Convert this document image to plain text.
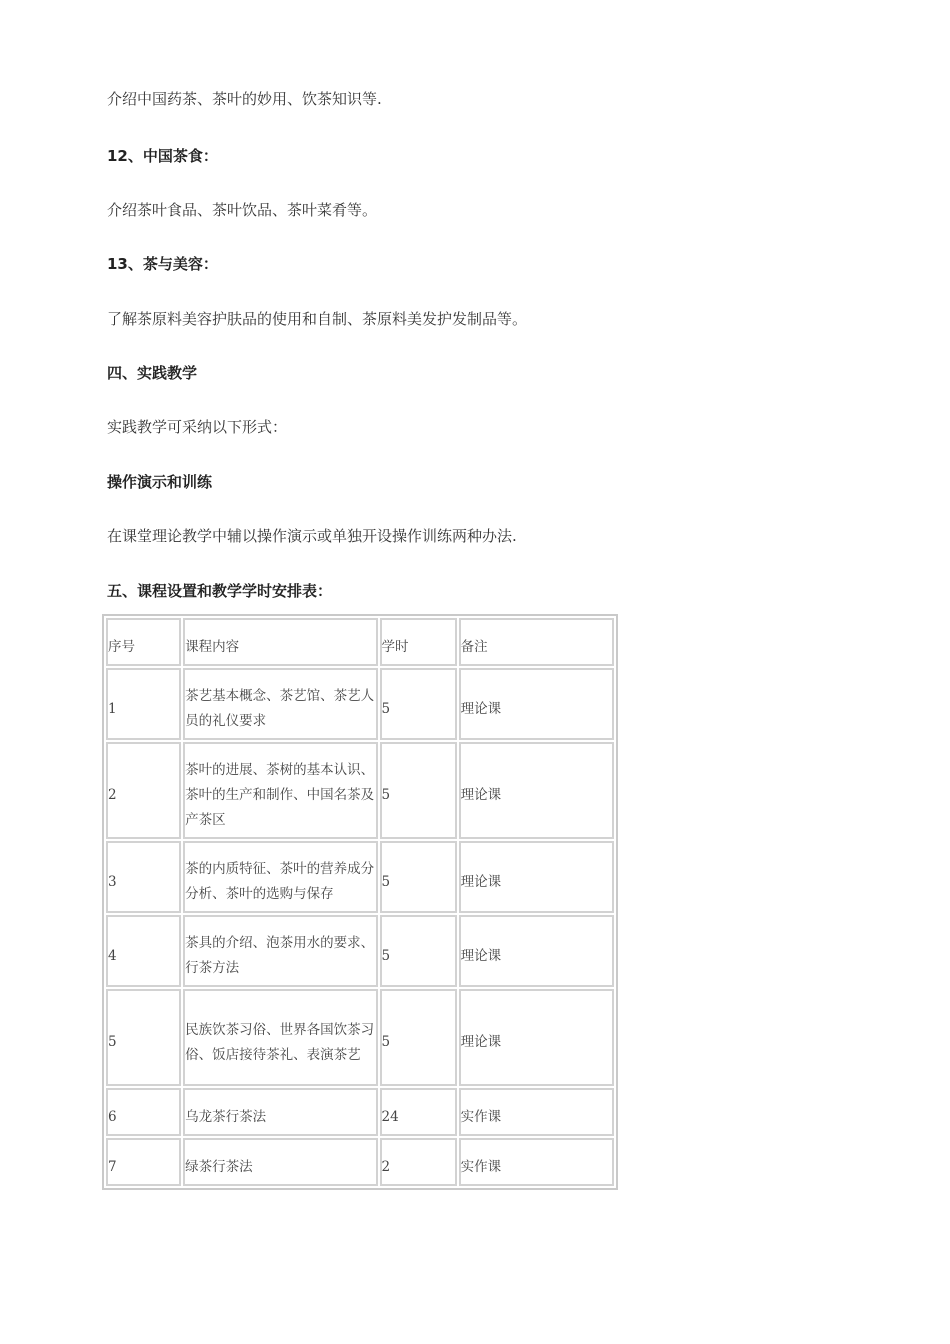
介绍中国药茶、茶叶的妙用、饮茶知识等.
12、中国茶食：
介绍茶叶食品、茶叶饮品、茶叶菜肴等。
13、茶与美容：
了解茶原料美容护肤品的使用和自制、茶原料美发护发制品等。
四、实践教学
实践教学可采纳以下形式：
操作演示和训练
在课堂理论教学中辅以操作演示或单独开设操作训练两种办法.
五、课程设置和教学学时安排表：
序号	课程内容	学时	备注

1	茶艺基本概念、茶艺馆、茶艺人员的礼仪要求	5	理论课

2	茶叶的进展、茶树的基本认识、茶叶的生产和制作、中国名茶及产茶区	5	理论课

3	茶的内质特征、茶叶的营养成分分析、茶叶的选购与保存	5	理论课

4	茶具的介绍、泡茶用水的要求、行茶方法	5	理论课

5	民族饮茶习俗、世界各国饮茶习俗、饭店接待茶礼、表演茶艺	5	理论课

6	乌龙茶行茶法	24	实作课

7	绿茶行茶法	2	实作课
